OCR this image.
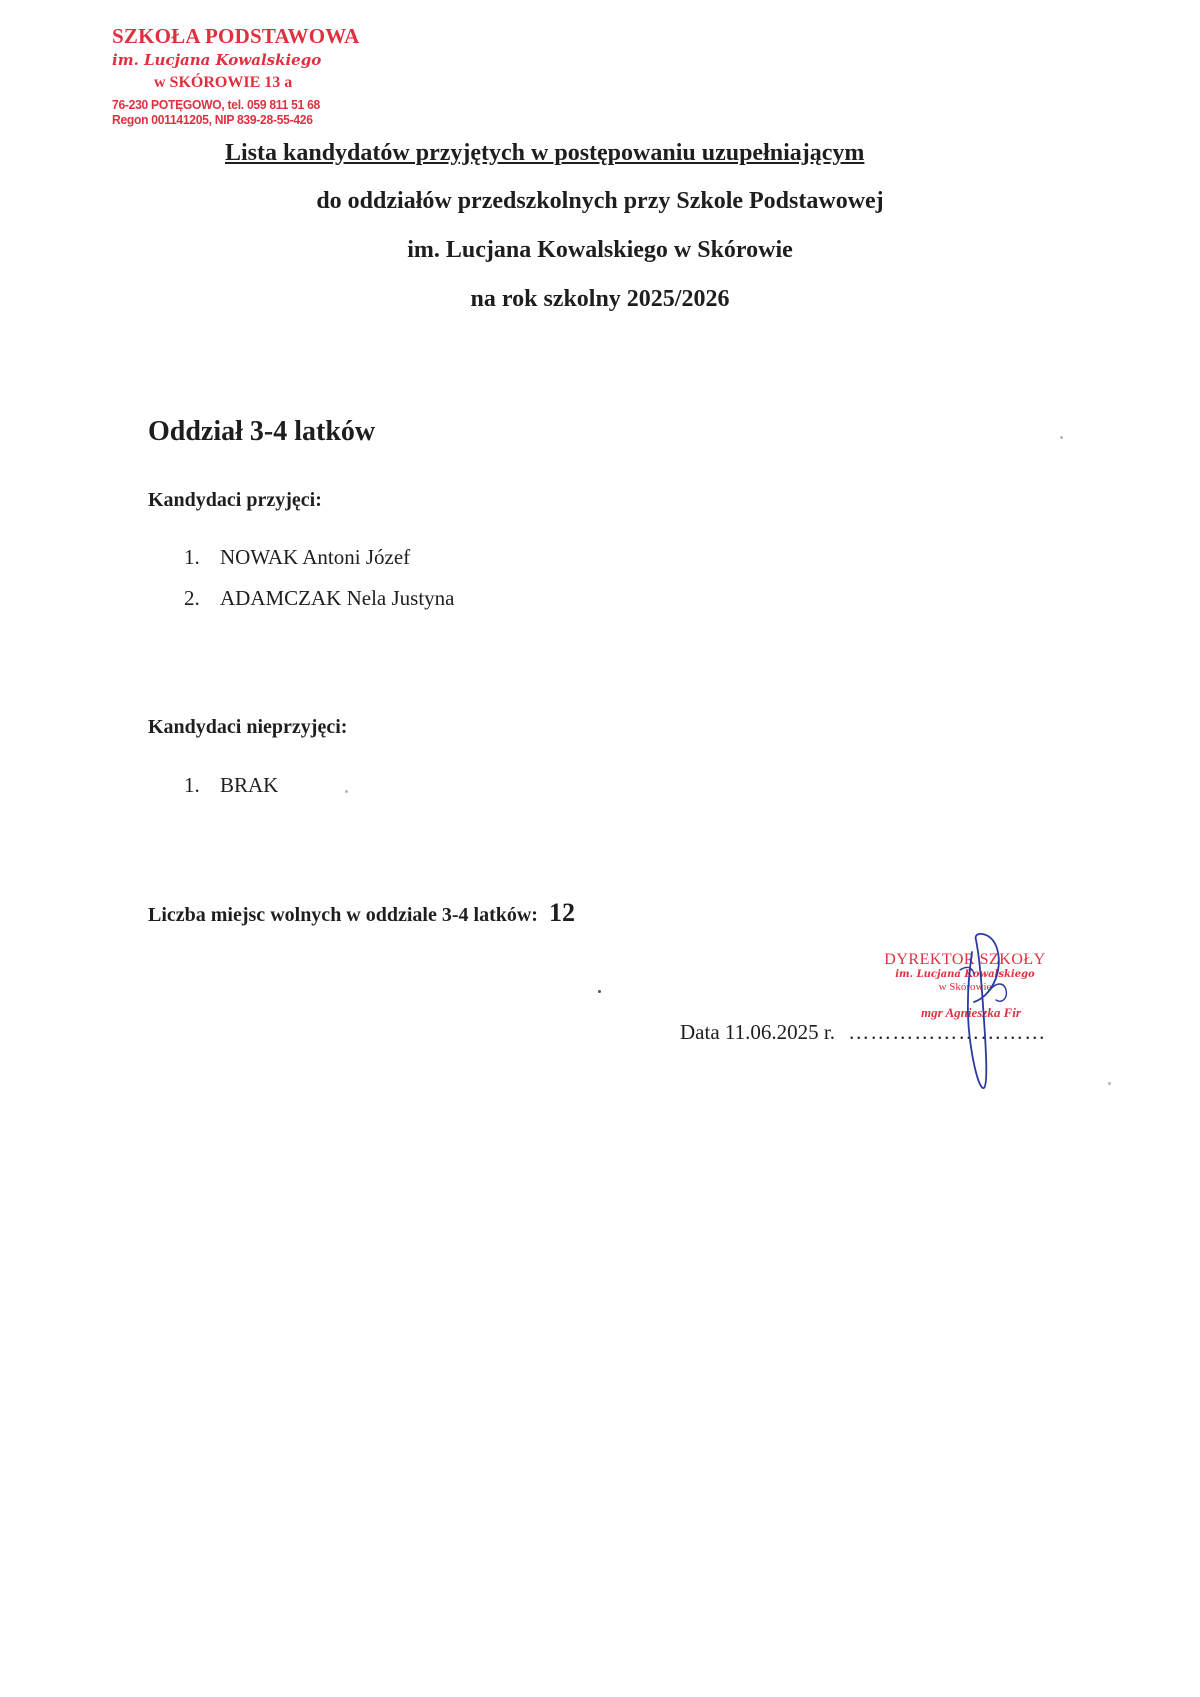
SZKOŁA PODSTAWOWA
im. Lucjana Kowalskiego
w SKÓROWIE 13 a
76-230 POTĘGOWO, tel. 059 811 51 68
Regon 001141205, NIP 839-28-55-426
Lista kandydatów przyjętych w postępowaniu uzupełniającym
do oddziałów przedszkolnych przy Szkole Podstawowej
im. Lucjana Kowalskiego w Skórowie
na rok szkolny 2025/2026
Oddział 3-4 latków
Kandydaci przyjęci:
1. NOWAK Antoni Józef
2. ADAMCZAK Nela Justyna
Kandydaci nieprzyjęci:
1. BRAK
Liczba miejsc wolnych w oddziale 3-4 latków: 12
DYREKTOR SZKOŁY
im. Lucjana Kowalskiego
w Skórowie
mgr Agnieszka Fir
Data 11.06.2025 r. ………………………
